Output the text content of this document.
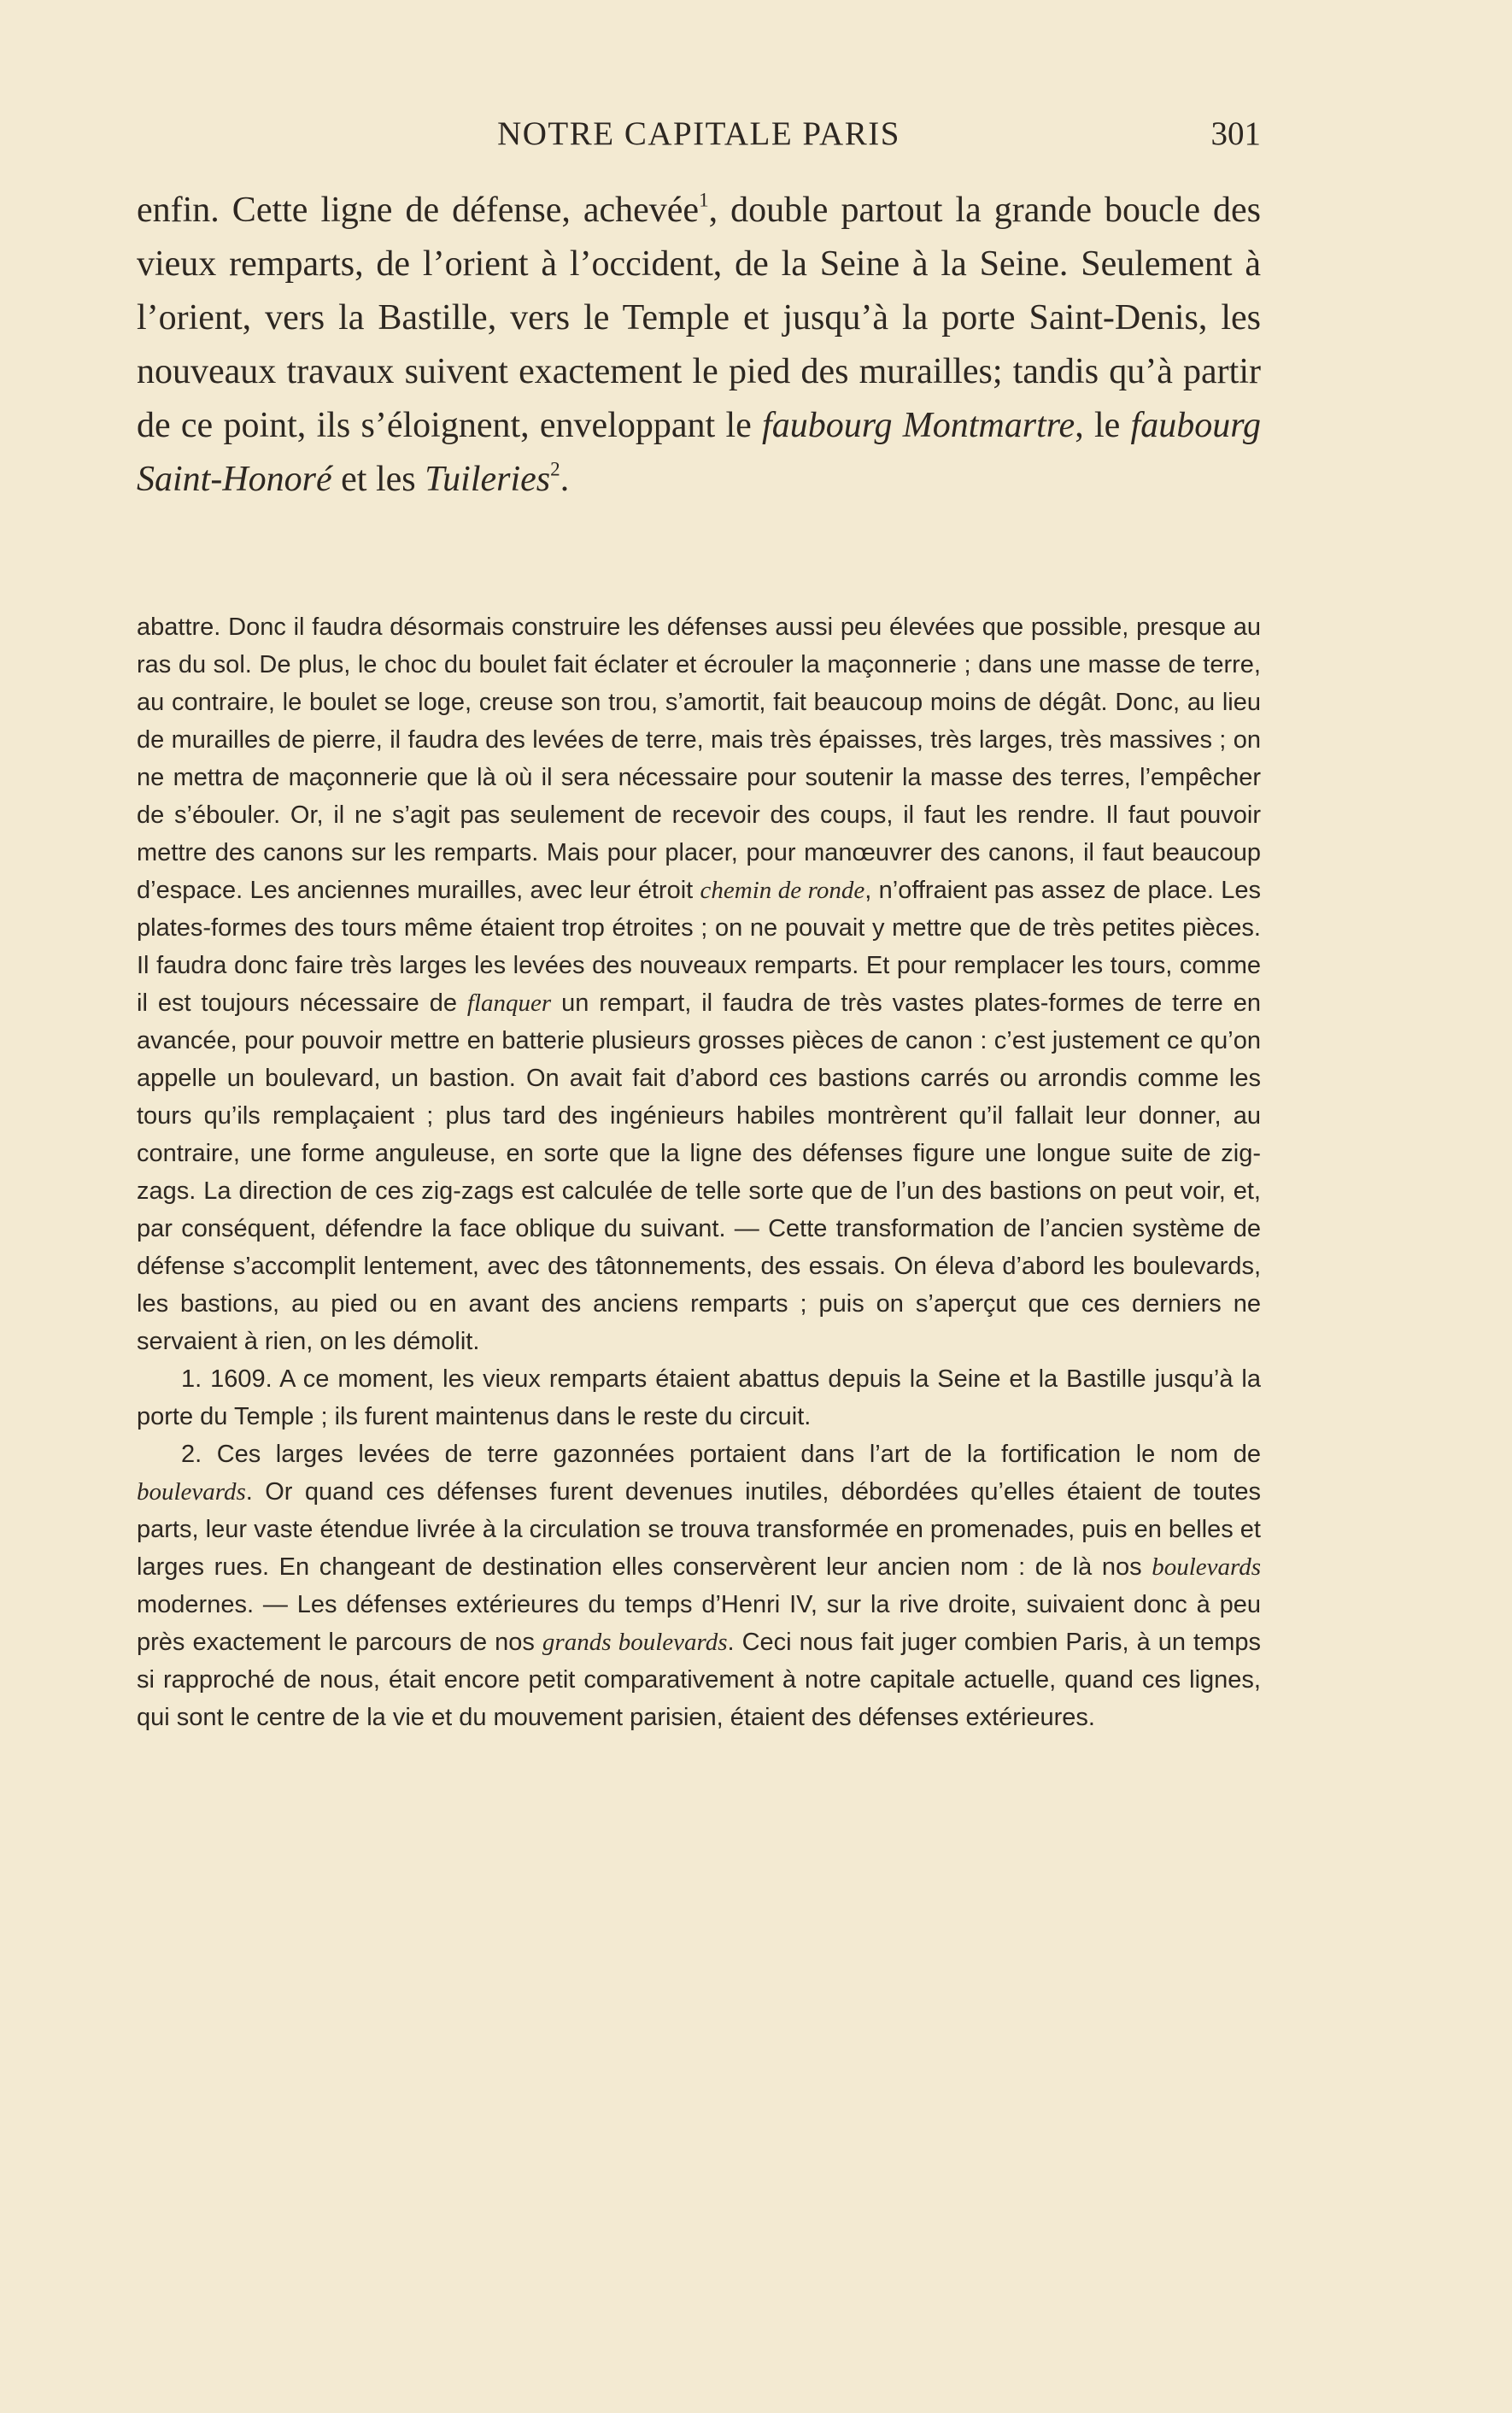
NOTRE CAPITALE PARIS	301

enfin. Cette ligne de défense, achevée$^1$, double partout la grande boucle des vieux remparts, de l’orient à l’occident, de la Seine à la Seine. Seulement à l’orient, vers la Bastille, vers le Temple et jusqu’à la porte Saint-Denis, les nouveaux travaux suivent exactement le pied des murailles; tandis qu’à partir de ce point, ils s’éloignent, enveloppant le faubourg Montmartre, le faubourg Saint-Honoré et les Tuileries$^2$.

abattre. Donc il faudra désormais construire les défenses aussi peu élevées que possible, presque au ras du sol. De plus, le choc du boulet fait éclater et écrouler la maçonnerie ; dans une masse de terre, au contraire, le boulet se loge, creuse son trou, s’amortit, fait beaucoup moins de dégât. Donc, au lieu de murailles de pierre, il faudra des levées de terre, mais très épaisses, très larges, très massives ; on ne mettra de maçonnerie que là où il sera nécessaire pour soutenir la masse des terres, l’empêcher de s’ébouler. Or, il ne s’agit pas seulement de recevoir des coups, il faut les rendre. Il faut pouvoir mettre des canons sur les remparts. Mais pour placer, pour manœuvrer des canons, il faut beaucoup d’espace. Les anciennes murailles, avec leur étroit chemin de ronde, n’offraient pas assez de place. Les plates-formes des tours même étaient trop étroites ; on ne pouvait y mettre que de très petites pièces. Il faudra donc faire très larges les levées des nouveaux remparts. Et pour remplacer les tours, comme il est toujours nécessaire de flanquer un rempart, il faudra de très vastes plates-formes de terre en avancée, pour pouvoir mettre en batterie plusieurs grosses pièces de canon : c’est justement ce qu’on appelle un boulevard, un bastion. On avait fait d’abord ces bastions carrés ou arrondis comme les tours qu’ils remplaçaient ; plus tard des ingénieurs habiles montrèrent qu’il fallait leur donner, au contraire, une forme anguleuse, en sorte que la ligne des défenses figure une longue suite de zig-zags. La direction de ces zig-zags est calculée de telle sorte que de l’un des bastions on peut voir, et, par conséquent, défendre la face oblique du suivant. — Cette transformation de l’ancien système de défense s’accomplit lentement, avec des tâtonnements, des essais. On éleva d’abord les boulevards, les bastions, au pied ou en avant des anciens remparts ; puis on s’aperçut que ces derniers ne servaient à rien, on les démolit.

1. 1609. A ce moment, les vieux remparts étaient abattus depuis la Seine et la Bastille jusqu’à la porte du Temple ; ils furent maintenus dans le reste du circuit.

2. Ces larges levées de terre gazonnées portaient dans l’art de la fortification le nom de boulevards. Or quand ces défenses furent devenues inutiles, débordées qu’elles étaient de toutes parts, leur vaste étendue livrée à la circulation se trouva transformée en promenades, puis en belles et larges rues. En changeant de destination elles conservèrent leur ancien nom : de là nos boulevards modernes. — Les défenses extérieures du temps d’Henri IV, sur la rive droite, suivaient donc à peu près exactement le parcours de nos grands boulevards. Ceci nous fait juger combien Paris, à un temps si rapproché de nous, était encore petit comparativement à notre capitale actuelle, quand ces lignes, qui sont le centre de la vie et du mouvement parisien, étaient des défenses extérieures.
